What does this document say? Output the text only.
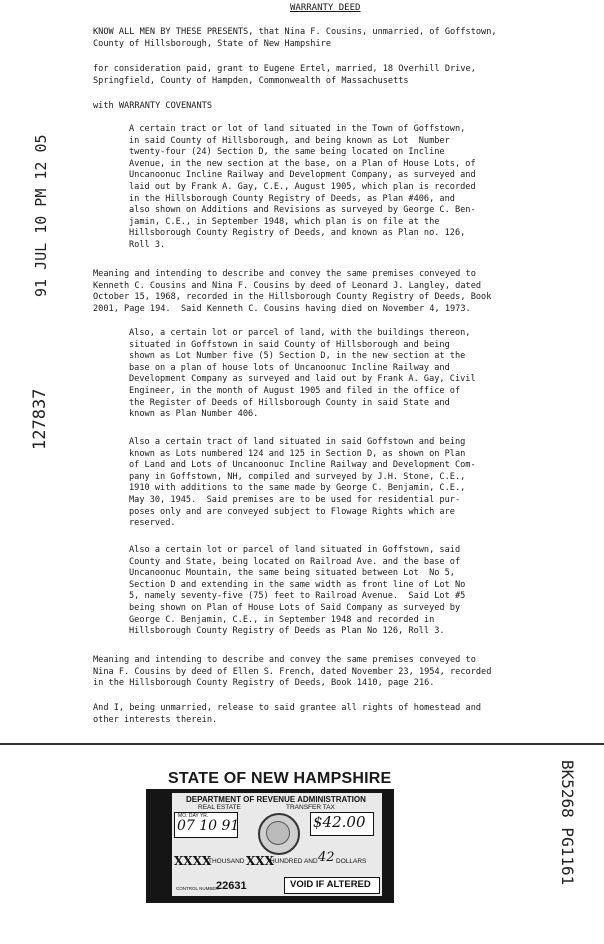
WARRANTY DEED
KNOW ALL MEN BY THESE PRESENTS, that Nina F. Cousins, unmarried, of Goffstown,
County of Hillsborough, State of New Hampshire
for consideration paid, grant to Eugene Ertel, married, 18 Overhill Drive,
Springfield, County of Hampden, Commonwealth of Massachusetts
with WARRANTY COVENANTS
A certain tract or lot of land situated in the Town of Goffstown,
in said County of Hillsborough, and being known as Lot  Number
twenty-four (24) Section D, the same being located on Incline
Avenue, in the new section at the base, on a Plan of House Lots, of
Uncanoonuc Incline Railway and Development Company, as surveyed and
laid out by Frank A. Gay, C.E., August 1905, which plan is recorded
in the Hillsborough County Registry of Deeds, as Plan #406, and
also shown on Additions and Revisions as surveyed by George C. Ben-
jamin, C.E., in September 1948, which plan is on file at the
Hillsborough County Registry of Deeds, and known as Plan no. 126,
Roll 3.
Meaning and intending to describe and convey the same premises conveyed to
Kenneth C. Cousins and Nina F. Cousins by deed of Leonard J. Langley, dated
October 15, 1968, recorded in the Hillsborough County Registry of Deeds, Book
2001, Page 194.  Said Kenneth C. Cousins having died on November 4, 1973.
Also, a certain lot or parcel of land, with the buildings thereon,
situated in Goffstown in said County of Hillsborough and being
shown as Lot Number five (5) Section D, in the new section at the
base on a plan of house lots of Uncanoonuc Incline Railway and
Development Company as surveyed and laid out by Frank A. Gay, Civil
Engineer, in the month of August 1905 and filed in the office of
the Register of Deeds of Hillsborough County in said State and
known as Plan Number 406.
Also a certain tract of land situated in said Goffstown and being
known as Lots numbered 124 and 125 in Section D, as shown on Plan
of Land and Lots of Uncanoonuc Incline Railway and Development Com-
pany in Goffstown, NH, compiled and surveyed by J.H. Stone, C.E.,
1910 with additions to the same made by George C. Benjamin, C.E.,
May 30, 1945.  Said premises are to be used for residential pur-
poses only and are conveyed subject to Flowage Rights which are
reserved.
Also a certain lot or parcel of land situated in Goffstown, said
County and State, being located on Railroad Ave. and the base of
Uncanoonuc Mountain, the same being situated between Lot  No 5,
Section D and extending in the same width as front line of Lot No
5, namely seventy-five (75) feet to Railroad Avenue.  Said Lot #5
being shown on Plan of House Lots of Said Company as surveyed by
George C. Benjamin, C.E., in September 1948 and recorded in
Hillsborough County Registry of Deeds as Plan No 126, Roll 3.
Meaning and intending to describe and convey the same premises conveyed to
Nina F. Cousins by deed of Ellen S. French, dated November 23, 1954, recorded
in the Hillsborough County Registry of Deeds, Book 1410, page 216.
And I, being unmarried, release to said grantee all rights of homestead and
other interests therein.
91 JUL 10 PM 12 05
127837
BK5268 PG1161
STATE OF NEW HAMPSHIRE
DEPARTMENT OF REVENUE ADMINISTRATION
REAL ESTATE	TRANSFER TAX
MO. DAY YR.
07 10 91	$42.00
XXXX
THOUSAND XXX
HUNDRED AND 42 DOLLARS
CONTROL NUMBER
22631	VOID IF ALTERED
